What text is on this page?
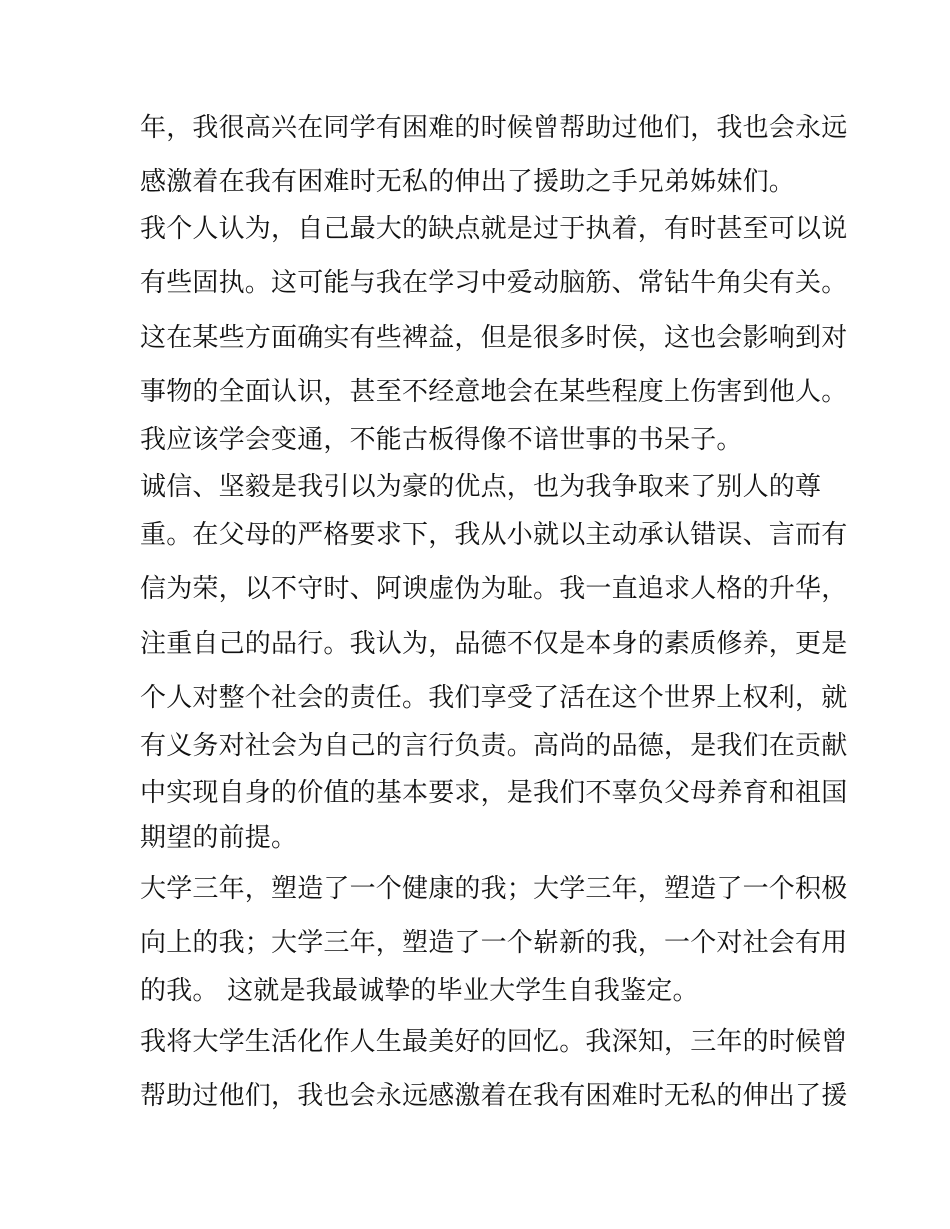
年，我很高兴在同学有困难的时候曾帮助过他们，我也会永远
感激着在我有困难时无私的伸出了援助之手兄弟姊妹们。
我个人认为，自己最大的缺点就是过于执着，有时甚至可以说
有些固执。这可能与我在学习中爱动脑筋、常钻牛角尖有关。
这在某些方面确实有些裨益，但是很多时侯，这也会影响到对
事物的全面认识，甚至不经意地会在某些程度上伤害到他人。
我应该学会变通，不能古板得像不谙世事的书呆子。
诚信、坚毅是我引以为豪的优点，也为我争取来了别人的尊
重。在父母的严格要求下，我从小就以主动承认错误、言而有
信为荣，以不守时、阿谀虚伪为耻。我一直追求人格的升华，
注重自己的品行。我认为，品德不仅是本身的素质修养，更是
个人对整个社会的责任。我们享受了活在这个世界上权利，就
有义务对社会为自己的言行负责。高尚的品德，是我们在贡献
中实现自身的价值的基本要求，是我们不辜负父母养育和祖国
期望的前提。
大学三年，塑造了一个健康的我；大学三年，塑造了一个积极
向上的我；大学三年，塑造了一个崭新的我，一个对社会有用
的我。 这就是我最诚挚的毕业大学生自我鉴定。
我将大学生活化作人生最美好的回忆。我深知，三年的时候曾
帮助过他们，我也会永远感激着在我有困难时无私的伸出了援
